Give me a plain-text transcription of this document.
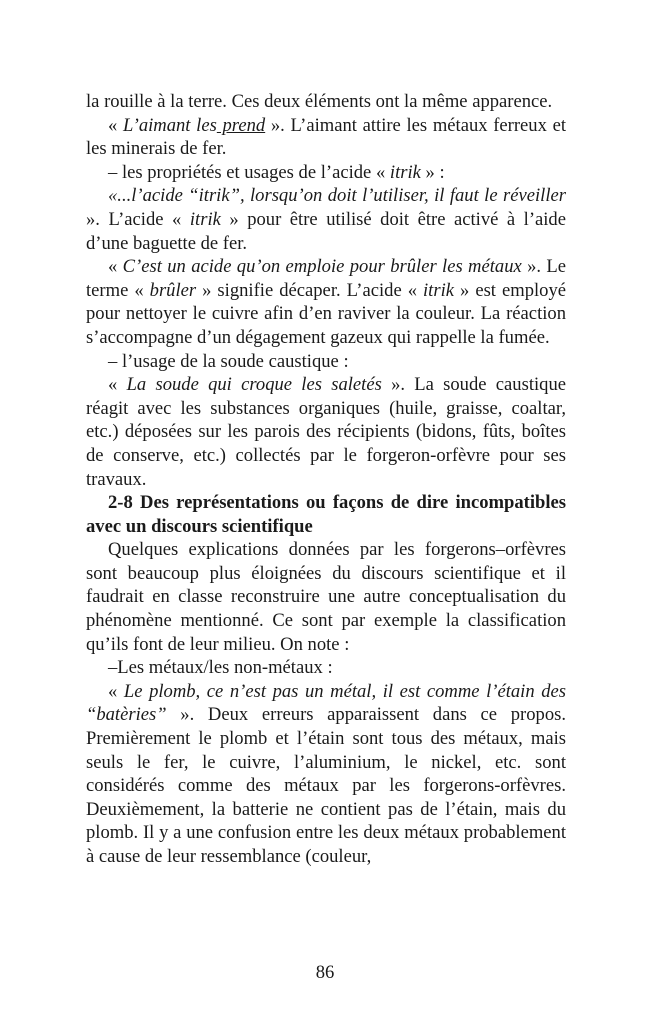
la rouille à la terre. Ces deux éléments ont la même apparence.

« L’aimant les prend ». L’aimant attire les métaux ferreux et les minerais de fer.

– les propriétés et usages de l’acide « itrik » :

«...l’acide “itrik”, lorsqu’on doit l’utiliser, il faut le réveiller ». L’acide « itrik » pour être utilisé doit être activé à l’aide d’une baguette de fer.

« C’est un acide qu’on emploie pour brûler les métaux ». Le terme « brûler » signifie décaper. L’acide « itrik » est employé pour nettoyer le cuivre afin d’en raviver la couleur. La réaction s’accompagne d’un dégagement gazeux qui rappelle la fumée.

– l’usage de la soude caustique :

« La soude qui croque les saletés ». La soude caustique réagit avec les substances organiques (huile, graisse, coaltar, etc.) déposées sur les parois des récipients (bidons, fûts, boîtes de conserve, etc.) collectés par le forgeron-orfèvre pour ses travaux.

2-8 Des représentations ou façons de dire incompatibles avec un discours scientifique

Quelques explications données par les forgerons–orfèvres sont beaucoup plus éloignées du discours scientifique et il faudrait en classe reconstruire une autre conceptualisation du phénomène mentionné. Ce sont par exemple la classification qu’ils font de leur milieu. On note :

–Les métaux/les non-métaux :

« Le plomb, ce n’est pas un métal, il est comme l’étain des “batèries” ». Deux erreurs apparaissent dans ce propos. Premièrement le plomb et l’étain sont tous des métaux, mais seuls le fer, le cuivre, l’aluminium, le nickel, etc. sont considérés comme des métaux par les forgerons-orfèvres. Deuxièmement, la batterie ne contient pas de l’étain, mais du plomb. Il y a une confusion entre les deux métaux probablement à cause de leur ressemblance (couleur,

86
